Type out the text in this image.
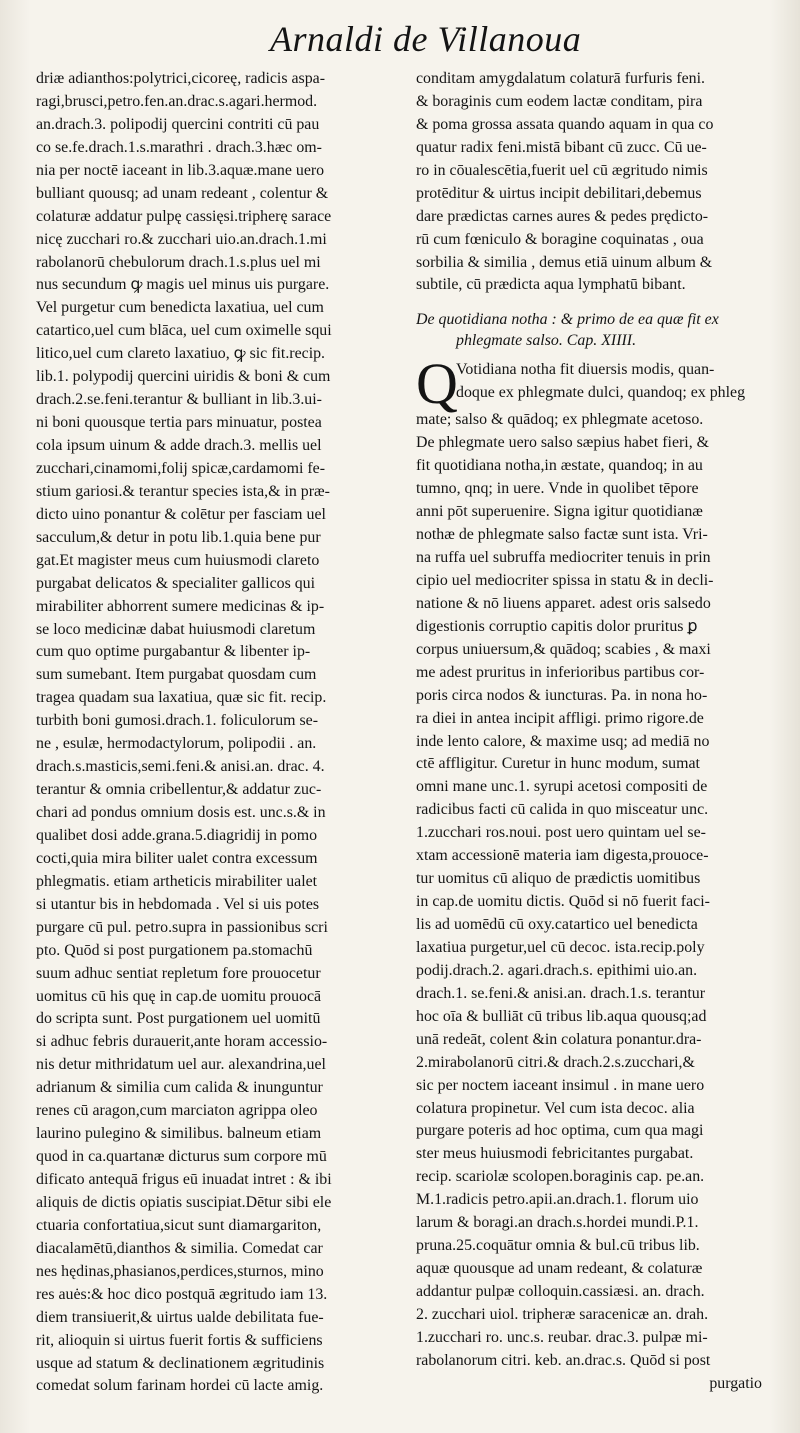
Arnaldi de Villanoua
driæ adianthos:polytrici,cicoreę, radicis aspa-
ragi,brusci,petro.fen.an.drac.s.agari.hermod.
an.drach.3. polipodij quercini contriti cū pau
co se.fe.drach.1.s.marathri . drach.3.hæc om-
nia per noctē iaceant in lib.3.aquæ.mane uero
bulliant quousq; ad unam redeant , colentur &
colaturæ addatur pulpę cassięsi.tripherę sarace
nicę zucchari ro.& zucchari uio.an.drach.1.mi
rabolanorū chebulorum drach.1.s.plus uel mi
nus secundum ꝙ magis uel minus uis purgare.
Vel purgetur cum benedicta laxatiua, uel cum
catartico,uel cum blāca, uel cum oximelle squi
litico,uel cum clareto laxatiuo, ꝙ sic fit.recip.
lib.1. polypodij quercini uiridis & boni & cum
drach.2.se.feni.terantur & bulliant in lib.3.ui-
ni boni quousque tertia pars minuatur, postea
cola ipsum uinum & adde drach.3. mellis uel
zucchari,cinamomi,folij spicæ,cardamomi fe-
stium gariosi.& terantur species ista,& in præ-
dicto uino ponantur & colētur per fasciam uel
sacculum,& detur in potu lib.1.quia bene pur
gat.Et magister meus cum huiusmodi clareto
purgabat delicatos & specialiter gallicos qui
mirabiliter abhorrent sumere medicinas & ip-
se loco medicinæ dabat huiusmodi claretum
cum quo optime purgabantur & libenter ip-
sum sumebant. Item purgabat quosdam cum
tragea quadam sua laxatiua, quæ sic fit. recip.
turbith boni gumosi.drach.1. foliculorum se-
ne , esulæ, hermodactylorum, polipodii . an.
drach.s.masticis,semi.feni.& anisi.an. drac. 4.
terantur & omnia cribellentur,& addatur zuc-
chari ad pondus omnium dosis est. unc.s.& in
qualibet dosi adde.grana.5.diagridij in pomo
cocti,quia mira biliter ualet contra excessum
phlegmatis. etiam artheticis mirabiliter ualet
si utantur bis in hebdomada . Vel si uis potes
purgare cū pul. petro.supra in passionibus scri
pto. Quōd si post purgationem pa.stomachū
suum adhuc sentiat repletum fore prouocetur
uomitus cū his quę in cap.de uomitu prouocā
do scripta sunt. Post purgationem uel uomitū
si adhuc febris durauerit,ante horam accessio-
nis detur mithridatum uel aur. alexandrina,uel
adrianum & similia cum calida & inunguntur
renes cū aragon,cum marciaton agrippa oleo
laurino pulegino & similibus. balneum etiam
quod in ca.quartanæ dicturus sum corpore mū
dificato antequā frigus eū inuadat intret : & ibi
aliquis de dictis opiatis suscipiat.Dētur sibi ele
ctuaria confortatiua,sicut sunt diamargariton,
diacalamētū,dianthos & similia. Comedat car
nes hędinas,phasianos,perdices,sturnos, mino
res auės:& hoc dico postquā ægritudo iam 13.
diem transiuerit,& uirtus ualde debilitata fue-
rit, alioquin si uirtus fuerit fortis & sufficiens
usque ad statum & declinationem ægritudinis
comedat solum farinam hordei cū lacte amig.
conditam amygdalatum colaturā furfuris feni.
& boraginis cum eodem lactæ conditam, pira
& poma grossa assata quando aquam in qua co
quatur radix feni.mistā bibant cū zucc. Cū ue-
ro in cōualescētia,fuerit uel cū ægritudo nimis
protēditur & uirtus incipit debilitari,debemus
dare prædictas carnes aures & pedes prędicto-
rū cum fœniculo & boragine coquinatas , oua
sorbilia & similia , demus etiā uinum album &
subtile, cū prædicta aqua lymphatū bibant.
De quotidiana notha : & primo de ea quæ fit ex
phlegmate salso. Cap. XIIII.
Q
Votidiana notha fit diuersis modis, quan-
doque ex phlegmate dulci, quandoq; ex phleg
mate; salso & quādoq; ex phlegmate acetoso.
De phlegmate uero salso sæpius habet fieri, &
fit quotidiana notha,in æstate, quandoq; in au
tumno, qnq; in uere. Vnde in quolibet tēpore
anni pōt superuenire. Signa igitur quotidianæ
nothæ de phlegmate salso factæ sunt ista. Vri-
na ruffa uel subruffa mediocriter tenuis in prin
cipio uel mediocriter spissa in statu & in decli-
natione & nō liuens apparet. adest oris salsedo
digestionis corruptio capitis dolor pruritus ꝑ
corpus uniuersum,& quādoq; scabies , & maxi
me adest pruritus in inferioribus partibus cor-
poris circa nodos & iuncturas. Pa. in nona ho-
ra diei in antea incipit affligi. primo rigore.de
inde lento calore, & maxime usq; ad mediā no
ctē affligitur. Curetur in hunc modum, sumat
omni mane unc.1. syrupi acetosi compositi de
radicibus facti cū calida in quo misceatur unc.
1.zucchari ros.noui. post uero quintam uel se-
xtam accessionē materia iam digesta,prouoce-
tur uomitus cū aliquo de prædictis uomitibus
in cap.de uomitu dictis. Quōd si nō fuerit faci-
lis ad uomēdū cū oxy.catartico uel benedicta
laxatiua purgetur,uel cū decoc. ista.recip.poly
podij.drach.2. agari.drach.s. epithimi uio.an.
drach.1. se.feni.& anisi.an. drach.1.s. terantur
hoc oīa & bulliāt cū tribus lib.aqua quousq;ad
unā redeāt, colent &in colatura ponantur.dra-
2.mirabolanorū citri.& drach.2.s.zucchari,&
sic per noctem iaceant insimul . in mane uero
colatura propinetur. Vel cum ista decoc. alia
purgare poteris ad hoc optima, cum qua magi
ster meus huiusmodi febricitantes purgabat.
recip. scariolæ scolopen.boraginis cap. pe.an.
M.1.radicis petro.apii.an.drach.1. florum uio
larum & boragi.an drach.s.hordei mundi.P.1.
pruna.25.coquātur omnia & bul.cū tribus lib.
aquæ quousque ad unam redeant, & colaturæ
addantur pulpæ colloquin.cassiæsi. an. drach.
2. zucchari uiol. tripheræ saracenicæ an. drah.
1.zucchari ro. unc.s. reubar. drac.3. pulpæ mi-
rabolanorum citri. keb. an.drac.s. Quōd si post
purgatio
